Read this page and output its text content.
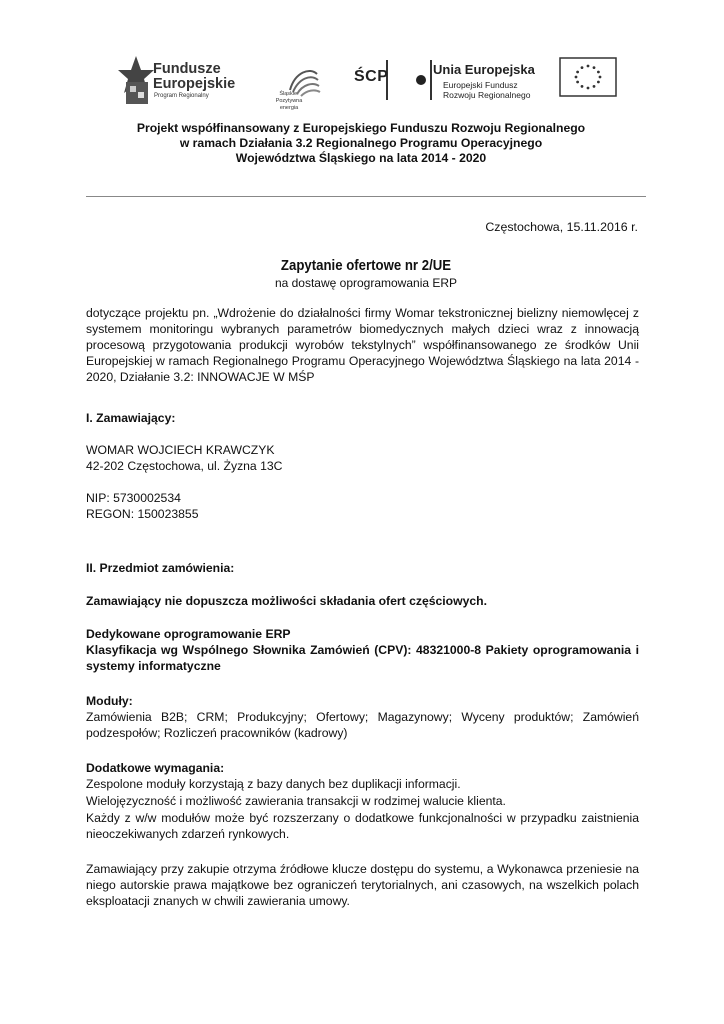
Fundusze
Europejskie
Program Regionalny	Śląskie.
Pozytywna energia
ŚCP	Unia Europejska
Europejski Fundusz
Rozwoju Regionalnego
Projekt współfinansowany z Europejskiego Funduszu Rozwoju Regionalnego
w ramach Działania 3.2 Regionalnego Programu Operacyjnego
Województwa Śląskiego na lata 2014 - 2020
Częstochowa, 15.11.2016 r.
Zapytanie ofertowe nr 2/UE
na dostawę oprogramowania ERP
dotyczące projektu pn. „Wdrożenie do działalności firmy Womar tekstronicznej bielizny niemowlęcej z systemem monitoringu wybranych parametrów biomedycznych małych dzieci wraz z innowacją procesową przygotowania produkcji wyrobów tekstylnych” współfinansowanego ze środków Unii Europejskiej w ramach Regionalnego Programu Operacyjnego Województwa Śląskiego na lata 2014 - 2020, Działanie 3.2: INNOWACJE W MŚP
I. Zamawiający:
WOMAR WOJCIECH KRAWCZYK
42-202 Częstochowa, ul. Żyzna 13C
NIP: 5730002534
REGON: 150023855
II. Przedmiot zamówienia:
Zamawiający nie dopuszcza możliwości składania ofert częściowych.
Dedykowane oprogramowanie ERP
Klasyfikacja wg Wspólnego Słownika Zamówień (CPV): 48321000-8 Pakiety oprogramowania i systemy informatyczne
Moduły:
Zamówienia B2B; CRM; Produkcyjny; Ofertowy; Magazynowy; Wyceny produktów; Zamówień podzespołów; Rozliczeń pracowników (kadrowy)
Dodatkowe wymagania:
Zespolone moduły korzystają z bazy danych bez duplikacji informacji.
Wielojęzyczność i możliwość zawierania transakcji w rodzimej walucie klienta.
Każdy z w/w modułów może być rozszerzany o dodatkowe funkcjonalności w przypadku zaistnienia nieoczekiwanych zdarzeń rynkowych.
Zamawiający przy zakupie otrzyma źródłowe klucze dostępu do systemu, a Wykonawca przeniesie na niego autorskie prawa majątkowe bez ograniczeń terytorialnych, ani czasowych, na wszelkich polach eksploatacji znanych w chwili zawierania umowy.
